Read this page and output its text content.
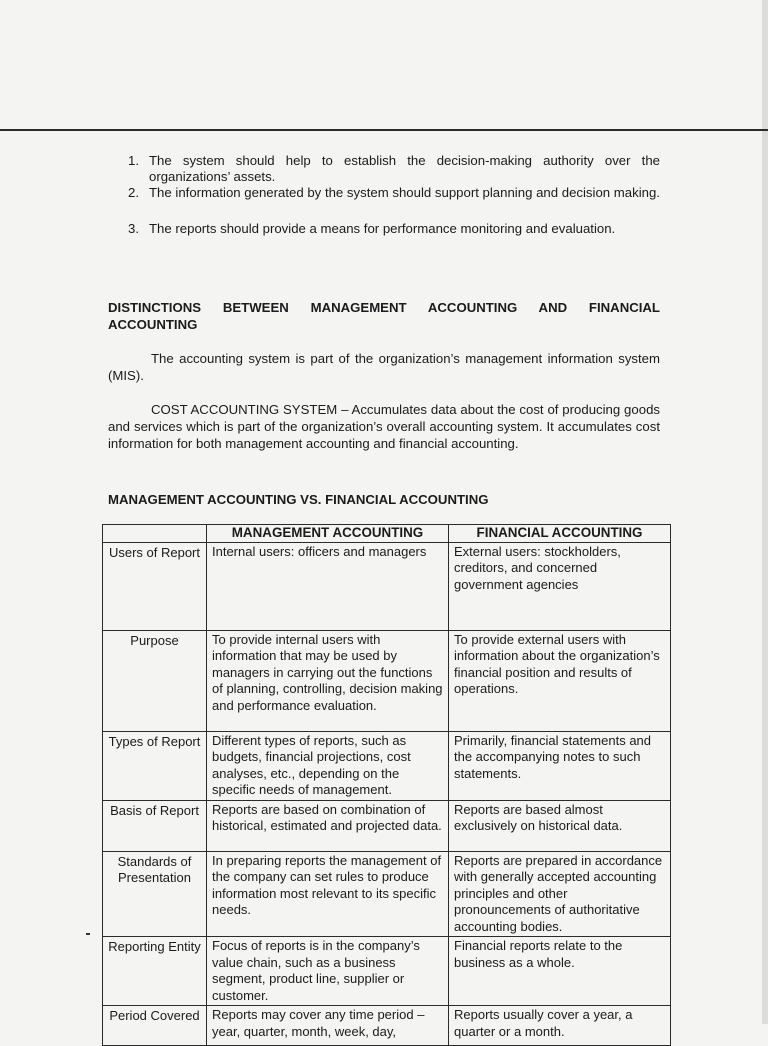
1. The system should help to establish the decision-making authority over the organizations’ assets.
2. The information generated by the system should support planning and decision making.
3. The reports should provide a means for performance monitoring and evaluation.
DISTINCTIONS BETWEEN MANAGEMENT ACCOUNTING AND FINANCIAL
ACCOUNTING

The accounting system is part of the organization’s management information system (MIS).

COST ACCOUNTING SYSTEM – Accumulates data about the cost of producing goods and services which is part of the organization’s overall accounting system. It accumulates cost information for both management accounting and financial accounting.

MANAGEMENT ACCOUNTING VS. FINANCIAL ACCOUNTING
	MANAGEMENT ACCOUNTING	FINANCIAL ACCOUNTING
Users of Report	Internal users: officers and managers	External users: stockholders, creditors, and concerned government agencies
Purpose	To provide internal users with information that may be used by managers in carrying out the functions of planning, controlling, decision making and performance evaluation.	To provide external users with information about the organization’s financial position and results of operations.
Types of Report	Different types of reports, such as budgets, financial projections, cost analyses, etc., depending on the specific needs of management.	Primarily, financial statements and the accompanying notes to such statements.
Basis of Report	Reports are based on combination of historical, estimated and projected data.	Reports are based almost exclusively on historical data.
Standards of Presentation	In preparing reports the management of the company can set rules to produce information most relevant to its specific needs.	Reports are prepared in accordance with generally accepted accounting principles and other pronouncements of authoritative accounting bodies.
Reporting Entity	Focus of reports is in the company’s value chain, such as a business segment, product line, supplier or customer.	Financial reports relate to the business as a whole.
Period Covered	Reports may cover any time period – year, quarter, month, week, day,	Reports usually cover a year, a quarter or a month.
